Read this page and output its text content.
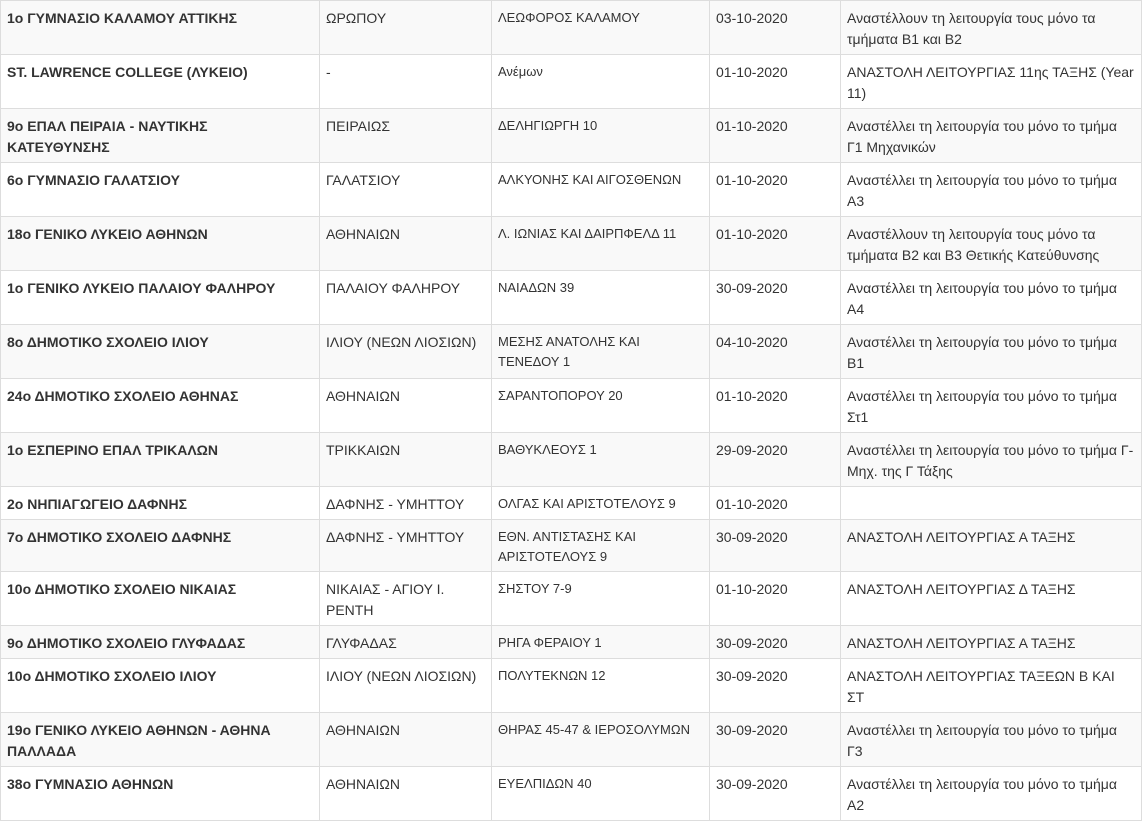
1ο ΓΥΜΝΑΣΙΟ ΚΑΛΑΜΟΥ ΑΤΤΙΚΗΣ	ΩΡΩΠΟΥ	ΛΕΩΦΟΡΟΣ ΚΑΛΑΜΟΥ	03-10-2020	Αναστέλλουν τη λειτουργία τους μόνο τα τμήματα Β1 και Β2
ST. LAWRENCE COLLEGE (ΛΥΚΕΙΟ)	-	Ανέμων	01-10-2020	ΑΝΑΣΤΟΛΗ ΛΕΙΤΟΥΡΓΙΑΣ 11ης ΤΑΞΗΣ (Year 11)
9ο ΕΠΑΛ ΠΕΙΡΑΙΑ - ΝΑΥΤΙΚΗΣ ΚΑΤΕΥΘΥΝΣΗΣ	ΠΕΙΡΑΙΩΣ	ΔΕΛΗΓΙΩΡΓΗ 10	01-10-2020	Αναστέλλει τη λειτουργία του μόνο το τμήμα Γ1 Μηχανικών
6ο ΓΥΜΝΑΣΙΟ ΓΑΛΑΤΣΙΟΥ	ΓΑΛΑΤΣΙΟΥ	ΑΛΚΥΟΝΗΣ ΚΑΙ ΑΙΓΟΣΘΕΝΩΝ	01-10-2020	Αναστέλλει τη λειτουργία του μόνο το τμήμα Α3
18ο ΓΕΝΙΚΟ ΛΥΚΕΙΟ ΑΘΗΝΩΝ	ΑΘΗΝΑΙΩΝ	Λ. ΙΩΝΙΑΣ ΚΑΙ ΔΑΙΡΠΦΕΛΔ 11	01-10-2020	Αναστέλλουν τη λειτουργία τους μόνο τα τμήματα Β2 και Β3 Θετικής Κατεύθυνσης
1ο ΓΕΝΙΚΟ ΛΥΚΕΙΟ ΠΑΛΑΙΟΥ ΦΑΛΗΡΟΥ	ΠΑΛΑΙΟΥ ΦΑΛΗΡΟΥ	ΝΑΙΑΔΩΝ 39	30-09-2020	Αναστέλλει τη λειτουργία του μόνο το τμήμα Α4
8ο ΔΗΜΟΤΙΚΟ ΣΧΟΛΕΙΟ ΙΛΙΟΥ	ΙΛΙΟΥ (ΝΕΩΝ ΛΙΟΣΙΩΝ)	ΜΕΣΗΣ ΑΝΑΤΟΛΗΣ ΚΑΙ ΤΕΝΕΔΟΥ 1	04-10-2020	Αναστέλλει τη λειτουργία του μόνο το τμήμα Β1
24ο ΔΗΜΟΤΙΚΟ ΣΧΟΛΕΙΟ ΑΘΗΝΑΣ	ΑΘΗΝΑΙΩΝ	ΣΑΡΑΝΤΟΠΟΡΟΥ 20	01-10-2020	Αναστέλλει τη λειτουργία του μόνο το τμήμα Στ1
1ο ΕΣΠΕΡΙΝΟ ΕΠΑΛ ΤΡΙΚΑΛΩΝ	ΤΡΙΚΚΑΙΩΝ	ΒΑΘΥΚΛΕΟΥΣ 1	29-09-2020	Αναστέλλει τη λειτουργία του μόνο το τμήμα Γ-Μηχ. της Γ Τάξης
2ο ΝΗΠΙΑΓΩΓΕΙΟ ΔΑΦΝΗΣ	ΔΑΦΝΗΣ - ΥΜΗΤΤΟΥ	ΟΛΓΑΣ ΚΑΙ ΑΡΙΣΤΟΤΕΛΟΥΣ 9	01-10-2020	
7ο ΔΗΜΟΤΙΚΟ ΣΧΟΛΕΙΟ ΔΑΦΝΗΣ	ΔΑΦΝΗΣ - ΥΜΗΤΤΟΥ	ΕΘΝ. ΑΝΤΙΣΤΑΣΗΣ ΚΑΙ ΑΡΙΣΤΟΤΕΛΟΥΣ 9	30-09-2020	ΑΝΑΣΤΟΛΗ ΛΕΙΤΟΥΡΓΙΑΣ Α ΤΑΞΗΣ
10ο ΔΗΜΟΤΙΚΟ ΣΧΟΛΕΙΟ ΝΙΚΑΙΑΣ	ΝΙΚΑΙΑΣ - ΑΓΙΟΥ Ι. ΡΕΝΤΗ	ΣΗΣΤΟΥ 7-9	01-10-2020	ΑΝΑΣΤΟΛΗ ΛΕΙΤΟΥΡΓΙΑΣ Δ ΤΑΞΗΣ
9ο ΔΗΜΟΤΙΚΟ ΣΧΟΛΕΙΟ ΓΛΥΦΑΔΑΣ	ΓΛΥΦΑΔΑΣ	ΡΗΓΑ ΦΕΡΑΙΟΥ 1	30-09-2020	ΑΝΑΣΤΟΛΗ ΛΕΙΤΟΥΡΓΙΑΣ Α ΤΑΞΗΣ
10ο ΔΗΜΟΤΙΚΟ ΣΧΟΛΕΙΟ ΙΛΙΟΥ	ΙΛΙΟΥ (ΝΕΩΝ ΛΙΟΣΙΩΝ)	ΠΟΛΥΤΕΚΝΩΝ 12	30-09-2020	ΑΝΑΣΤΟΛΗ ΛΕΙΤΟΥΡΓΙΑΣ ΤΑΞΕΩΝ Β ΚΑΙ ΣΤ
19ο ΓΕΝΙΚΟ ΛΥΚΕΙΟ ΑΘΗΝΩΝ - ΑΘΗΝΑ ΠΑΛΛΑΔΑ	ΑΘΗΝΑΙΩΝ	ΘΗΡΑΣ 45-47 & ΙΕΡΟΣΟΛΥΜΩΝ	30-09-2020	Αναστέλλει τη λειτουργία του μόνο το τμήμα Γ3
38ο ΓΥΜΝΑΣΙΟ ΑΘΗΝΩΝ	ΑΘΗΝΑΙΩΝ	ΕΥΕΛΠΙΔΩΝ 40	30-09-2020	Αναστέλλει τη λειτουργία του μόνο το τμήμα Α2
